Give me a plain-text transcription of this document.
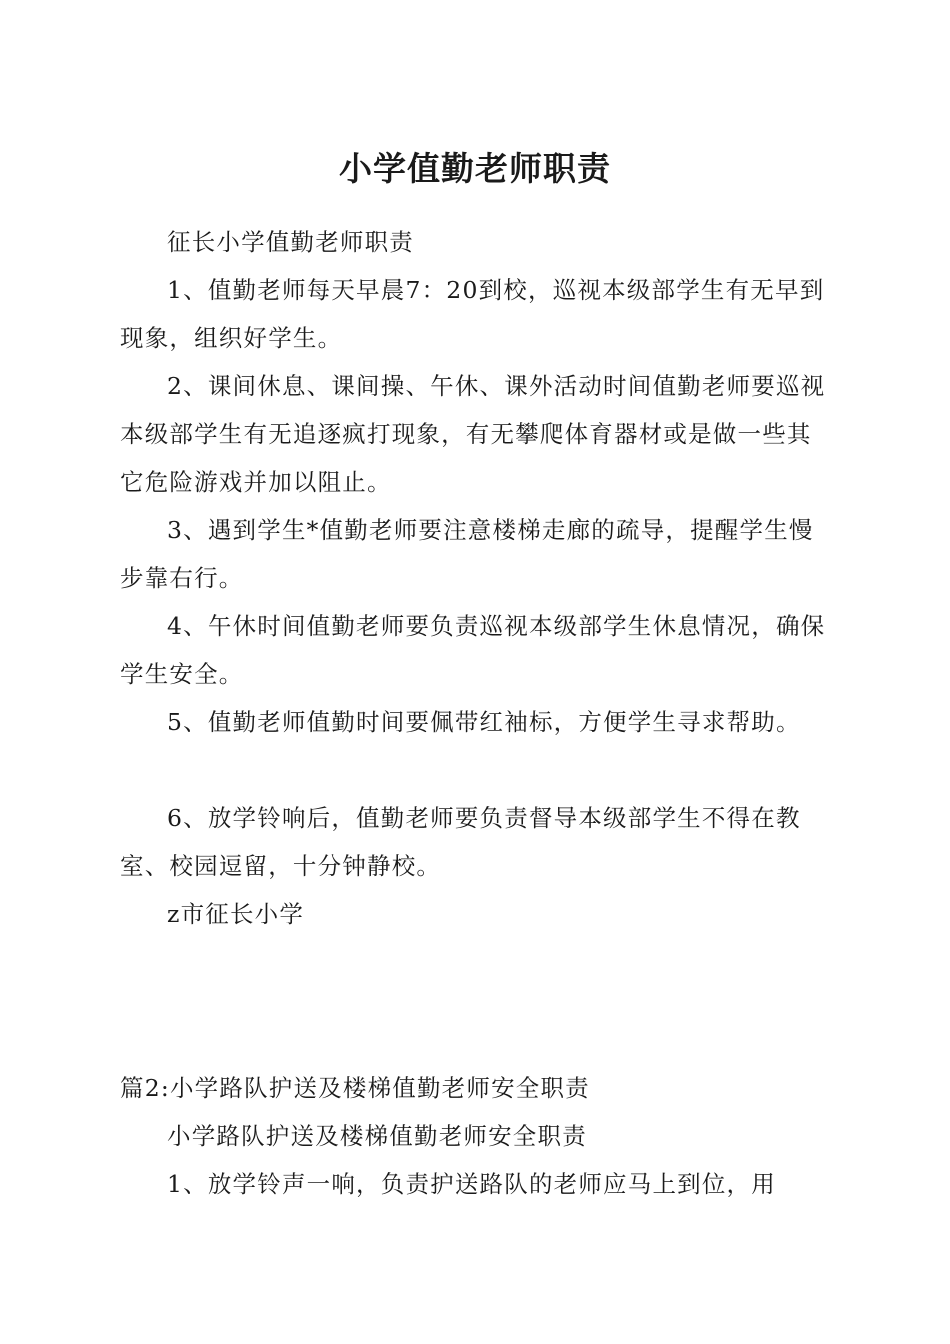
小学值勤老师职责

征长小学值勤老师职责

1、值勤老师每天早晨7：20到校，巡视本级部学生有无早到现象，组织好学生。

2、课间休息、课间操、午休、课外活动时间值勤老师要巡视本级部学生有无追逐疯打现象，有无攀爬体育器材或是做一些其它危险游戏并加以阻止。

3、遇到学生*值勤老师要注意楼梯走廊的疏导，提醒学生慢步靠右行。

4、午休时间值勤老师要负责巡视本级部学生休息情况，确保学生安全。

5、值勤老师值勤时间要佩带红袖标，方便学生寻求帮助。

6、放学铃响后，值勤老师要负责督导本级部学生不得在教室、校园逗留，十分钟静校。

z市征长小学

篇2:小学路队护送及楼梯值勤老师安全职责

小学路队护送及楼梯值勤老师安全职责

1、放学铃声一响，负责护送路队的老师应马上到位，用
